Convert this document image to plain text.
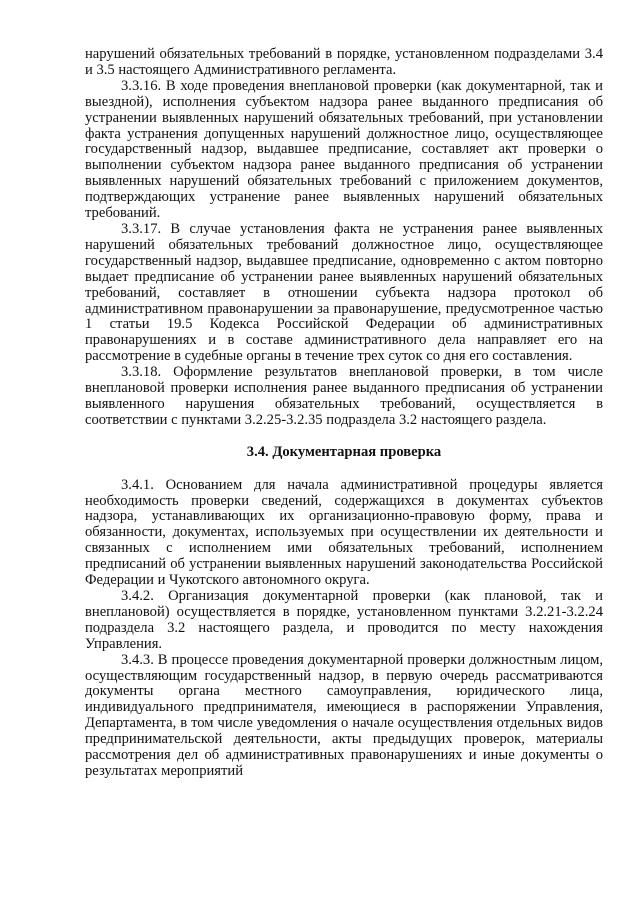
нарушений обязательных требований в порядке, установленном подразделами 3.4 и 3.5 настоящего Административного регламента.

3.3.16. В ходе проведения внеплановой проверки (как документарной, так и выездной), исполнения субъектом надзора ранее выданного предписания об устранении выявленных нарушений обязательных требований, при установлении факта устранения допущенных нарушений должностное лицо, осуществляющее государственный надзор, выдавшее предписание, составляет акт проверки о выполнении субъектом надзора ранее выданного предписания об устранении выявленных нарушений обязательных требований с приложением документов, подтверждающих устранение ранее выявленных нарушений обязательных требований.

3.3.17. В случае установления факта не устранения ранее выявленных нарушений обязательных требований должностное лицо, осуществляющее государственный надзор, выдавшее предписание, одновременно с актом повторно выдает предписание об устранении ранее выявленных нарушений обязательных требований, составляет в отношении субъекта надзора протокол об административном правонарушении за правонарушение, предусмотренное частью 1 статьи 19.5 Кодекса Российской Федерации об административных правонарушениях и в составе административного дела направляет его на рассмотрение в судебные органы в течение трех суток со дня его составления.

3.3.18. Оформление результатов внеплановой проверки, в том числе внеплановой проверки исполнения ранее выданного предписания об устранении выявленного нарушения обязательных требований, осуществляется в соответствии с пунктами 3.2.25-3.2.35 подраздела 3.2 настоящего раздела.

3.4. Документарная проверка

3.4.1. Основанием для начала административной процедуры является необходимость проверки сведений, содержащихся в документах субъектов надзора, устанавливающих их организационно-правовую форму, права и обязанности, документах, используемых при осуществлении их деятельности и связанных с исполнением ими обязательных требований, исполнением предписаний об устранении выявленных нарушений законодательства Российской Федерации и Чукотского автономного округа.

3.4.2. Организация документарной проверки (как плановой, так и внеплановой) осуществляется в порядке, установленном пунктами 3.2.21-3.2.24 подраздела 3.2 настоящего раздела, и проводится по месту нахождения Управления.

3.4.3. В процессе проведения документарной проверки должностным лицом, осуществляющим государственный надзор, в первую очередь рассматриваются документы органа местного самоуправления, юридического лица, индивидуального предпринимателя, имеющиеся в распоряжении Управления, Департамента, в том числе уведомления о начале осуществления отдельных видов предпринимательской деятельности, акты предыдущих проверок, материалы рассмотрения дел об административных правонарушениях и иные документы о результатах мероприятий
